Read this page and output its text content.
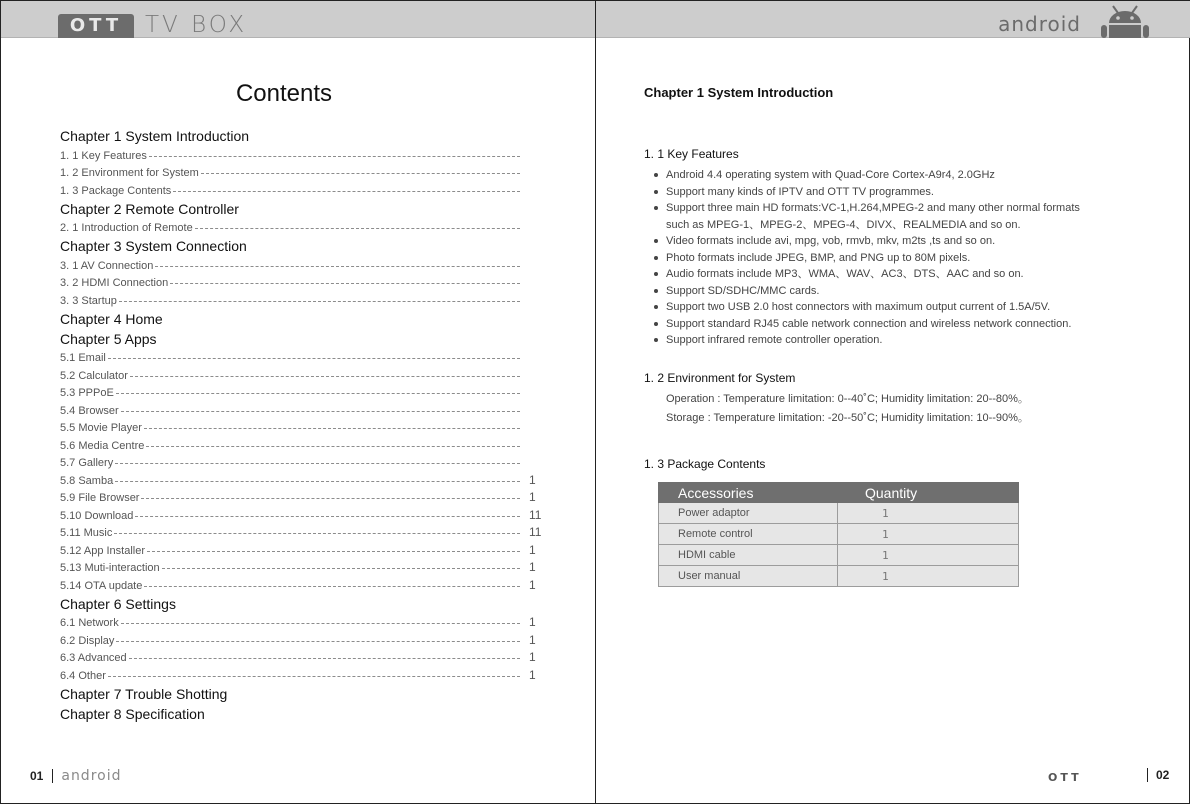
OTT TV BOX
Contents
Chapter 1 System Introduction
1. 1 Key Features
1. 2 Environment for System
1. 3 Package Contents
Chapter 2 Remote Controller
2. 1 Introduction of Remote
Chapter 3 System Connection
3. 1 AV Connection
3. 2 HDMI Connection
3. 3 Startup
Chapter 4 Home
Chapter 5 Apps
5.1 Email
5.2 Calculator
5.3 PPPoE
5.4 Browser
5.5 Movie Player
5.6 Media Centre
5.7 Gallery
5.8 Samba	1
5.9 File Browser	1
5.10 Download	11
5.11 Music	11
5.12 App Installer	1
5.13 Muti-interaction	1
5.14 OTA update	1
Chapter 6 Settings
6.1 Network	1
6.2 Display	1
6.3 Advanced	1
6.4 Other	1
Chapter 7 Trouble Shotting
Chapter 8 Specification
01 android
android
Chapter 1 System Introduction
1. 1 Key Features
Android 4.4 operating system with Quad-Core Cortex-A9r4, 2.0GHz
Support many kinds of IPTV and OTT TV programmes.
Support three main HD formats:VC-1,H.264,MPEG-2 and many other normal formats
such as MPEG-1、MPEG-2、MPEG-4、DIVX、REALMEDIA and so on.
Video formats include avi, mpg, vob, rmvb, mkv, m2ts ,ts and so on.
Photo formats include JPEG, BMP, and PNG up to 80M pixels.
Audio formats include MP3、WMA、WAV、AC3、DTS、AAC and so on.
Support SD/SDHC/MMC cards.
Support two USB 2.0 host connectors with maximum output current of 1.5A/5V.
Support standard RJ45 cable network connection and wireless network connection.
Support infrared remote controller operation.
1. 2 Environment for System
Operation : Temperature limitation: 0--40˚C; Humidity limitation: 20--80%。
Storage : Temperature limitation: -20--50˚C; Humidity limitation: 10--90%。
1. 3 Package Contents
Accessories	Quantity
Power adaptor	1
Remote control	1
HDMI cable	1
User manual	1
OTT	02
